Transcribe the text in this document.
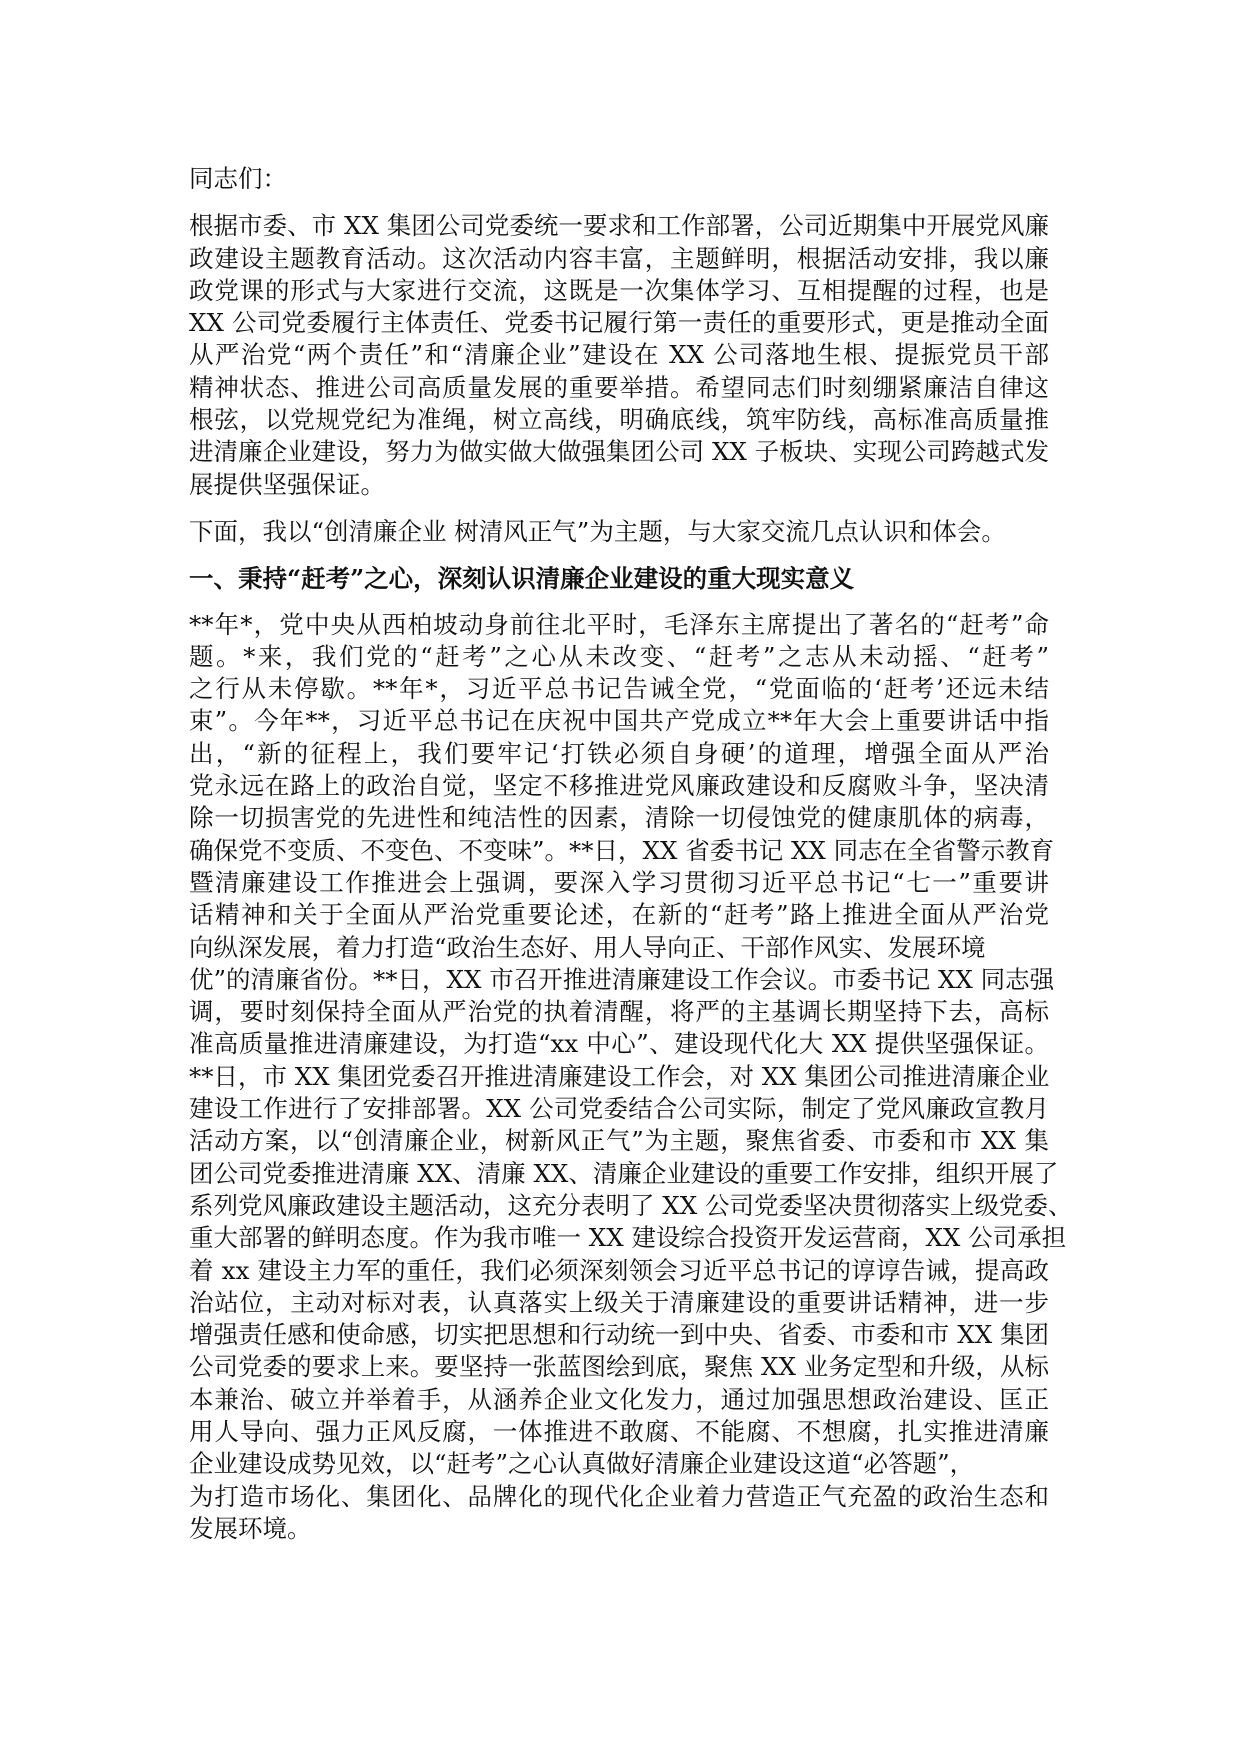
同志们：
根据市委、市 XX 集团公司党委统一要求和工作部署，公司近期集中开展党风廉
政建设主题教育活动。这次活动内容丰富，主题鲜明，根据活动安排，我以廉
政党课的形式与大家进行交流，这既是一次集体学习、互相提醒的过程，也是
XX 公司党委履行主体责任、党委书记履行第一责任的重要形式，更是推动全面
从严治党“两个责任”和“清廉企业”建设在 XX 公司落地生根、提振党员干部
精神状态、推进公司高质量发展的重要举措。希望同志们时刻绷紧廉洁自律这
根弦，以党规党纪为准绳，树立高线，明确底线，筑牢防线，高标准高质量推
进清廉企业建设，努力为做实做大做强集团公司 XX 子板块、实现公司跨越式发
展提供坚强保证。
下面，我以“创清廉企业 树清风正气”为主题，与大家交流几点认识和体会。
一、秉持“赶考”之心，深刻认识清廉企业建设的重大现实意义
**年*，党中央从西柏坡动身前往北平时，毛泽东主席提出了著名的“赶考”命
题。*来，我们党的“赶考”之心从未改变、“赶考”之志从未动摇、“赶考”
之行从未停歇。**年*，习近平总书记告诫全党，“党面临的‘赶考’还远未结
束”。今年**，习近平总书记在庆祝中国共产党成立**年大会上重要讲话中指
出，“新的征程上，我们要牢记‘打铁必须自身硬’的道理，增强全面从严治
党永远在路上的政治自觉，坚定不移推进党风廉政建设和反腐败斗争，坚决清
除一切损害党的先进性和纯洁性的因素，清除一切侵蚀党的健康肌体的病毒，
确保党不变质、不变色、不变味”。**日，XX 省委书记 XX 同志在全省警示教育
暨清廉建设工作推进会上强调，要深入学习贯彻习近平总书记“七一”重要讲
话精神和关于全面从严治党重要论述，在新的“赶考”路上推进全面从严治党
向纵深发展，着力打造“政治生态好、用人导向正、干部作风实、发展环境
优”的清廉省份。**日，XX 市召开推进清廉建设工作会议。市委书记 XX 同志强
调，要时刻保持全面从严治党的执着清醒，将严的主基调长期坚持下去，高标
准高质量推进清廉建设，为打造“xx 中心”、建设现代化大 XX 提供坚强保证。
**日，市 XX 集团党委召开推进清廉建设工作会，对 XX 集团公司推进清廉企业
建设工作进行了安排部署。XX 公司党委结合公司实际，制定了党风廉政宣教月
活动方案，以“创清廉企业，树新风正气”为主题，聚焦省委、市委和市 XX 集
团公司党委推进清廉 XX、清廉 XX、清廉企业建设的重要工作安排，组织开展了
系列党风廉政建设主题活动，这充分表明了 XX 公司党委坚决贯彻落实上级党委、
重大部署的鲜明态度。作为我市唯一 XX 建设综合投资开发运营商，XX 公司承担
着 xx 建设主力军的重任，我们必须深刻领会习近平总书记的谆谆告诫，提高政
治站位，主动对标对表，认真落实上级关于清廉建设的重要讲话精神，进一步
增强责任感和使命感，切实把思想和行动统一到中央、省委、市委和市 XX 集团
公司党委的要求上来。要坚持一张蓝图绘到底，聚焦 XX 业务定型和升级，从标
本兼治、破立并举着手，从涵养企业文化发力，通过加强思想政治建设、匡正
用人导向、强力正风反腐，一体推进不敢腐、不能腐、不想腐，扎实推进清廉
企业建设成势见效，以“赶考”之心认真做好清廉企业建设这道“必答题”，
为打造市场化、集团化、品牌化的现代化企业着力营造正气充盈的政治生态和
发展环境。
